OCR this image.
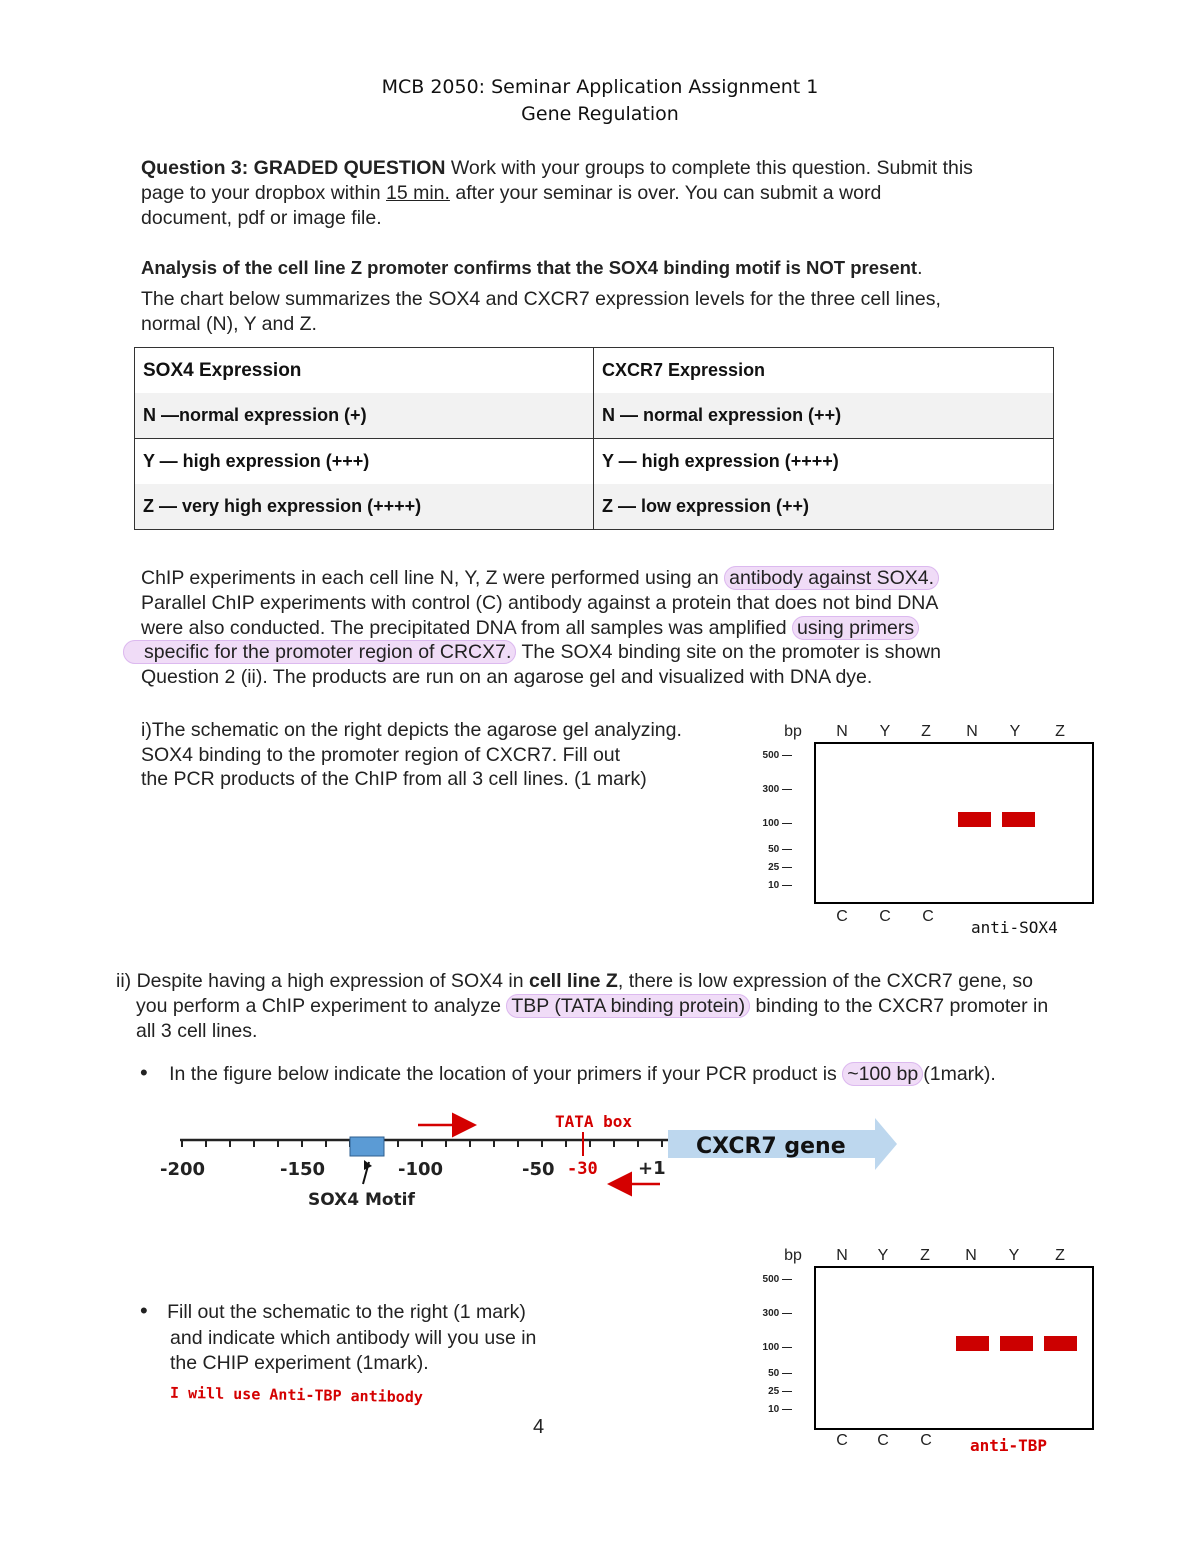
MCB 2050: Seminar Application Assignment 1
Gene Regulation
Question 3: GRADED QUESTION Work with your groups to complete this question. Submit this
page to your dropbox within 15 min. after your seminar is over. You can submit a word
document, pdf or image file.
Analysis of the cell line Z promoter confirms that the SOX4 binding motif is NOT present.
The chart below summarizes the SOX4 and CXCR7 expression levels for the three cell lines,
normal (N), Y and Z.
SOX4 Expression	CXCR7 Expression
N —normal expression (+)	N — normal expression (++)
Y — high expression (+++)	Y — high expression (++++)
Z — very high expression (++++)	Z — low expression (++)
ChIP experiments in each cell line N, Y, Z were performed using an antibody against SOX4.
Parallel ChIP experiments with control (C) antibody against a protein that does not bind DNA
were also conducted. The precipitated DNA from all samples was amplified using primers
specific for the promoter region of CRCX7. The SOX4 binding site on the promoter is shown
Question 2 (ii). The products are run on an agarose gel and visualized with DNA dye.
i)The schematic on the right depicts the agarose gel analyzing.
SOX4 binding to the promoter region of CXCR7. Fill out
the PCR products of the ChIP from all 3 cell lines. (1 mark)
bp N Y	Z	N Y	Z
500 —
300 —
100 —
50 —
25 —
10 —
C C C
anti-SOX4
ii) Despite having a high expression of SOX4 in cell line Z, there is low expression of the CXCR7 gene, so
you perform a ChIP experiment to analyze TBP (TATA binding protein) binding to the CXCR7 promoter in
all 3 cell lines.
• In the figure below indicate the location of your primers if your PCR product is ~100 bp (1mark).
CXCR7 gene
-200	-150	-100	-50	+1
SOX4 Motif
TATA box
-30
• Fill out the schematic to the right (1 mark)
and indicate which antibody will you use in
the CHIP experiment (1mark).
I will use Anti-TBP antibody
bp N Y	Z	N Y	Z
500 —
300 —
100 —
50 —
25 —
10 —
C C C anti-TBP
4
